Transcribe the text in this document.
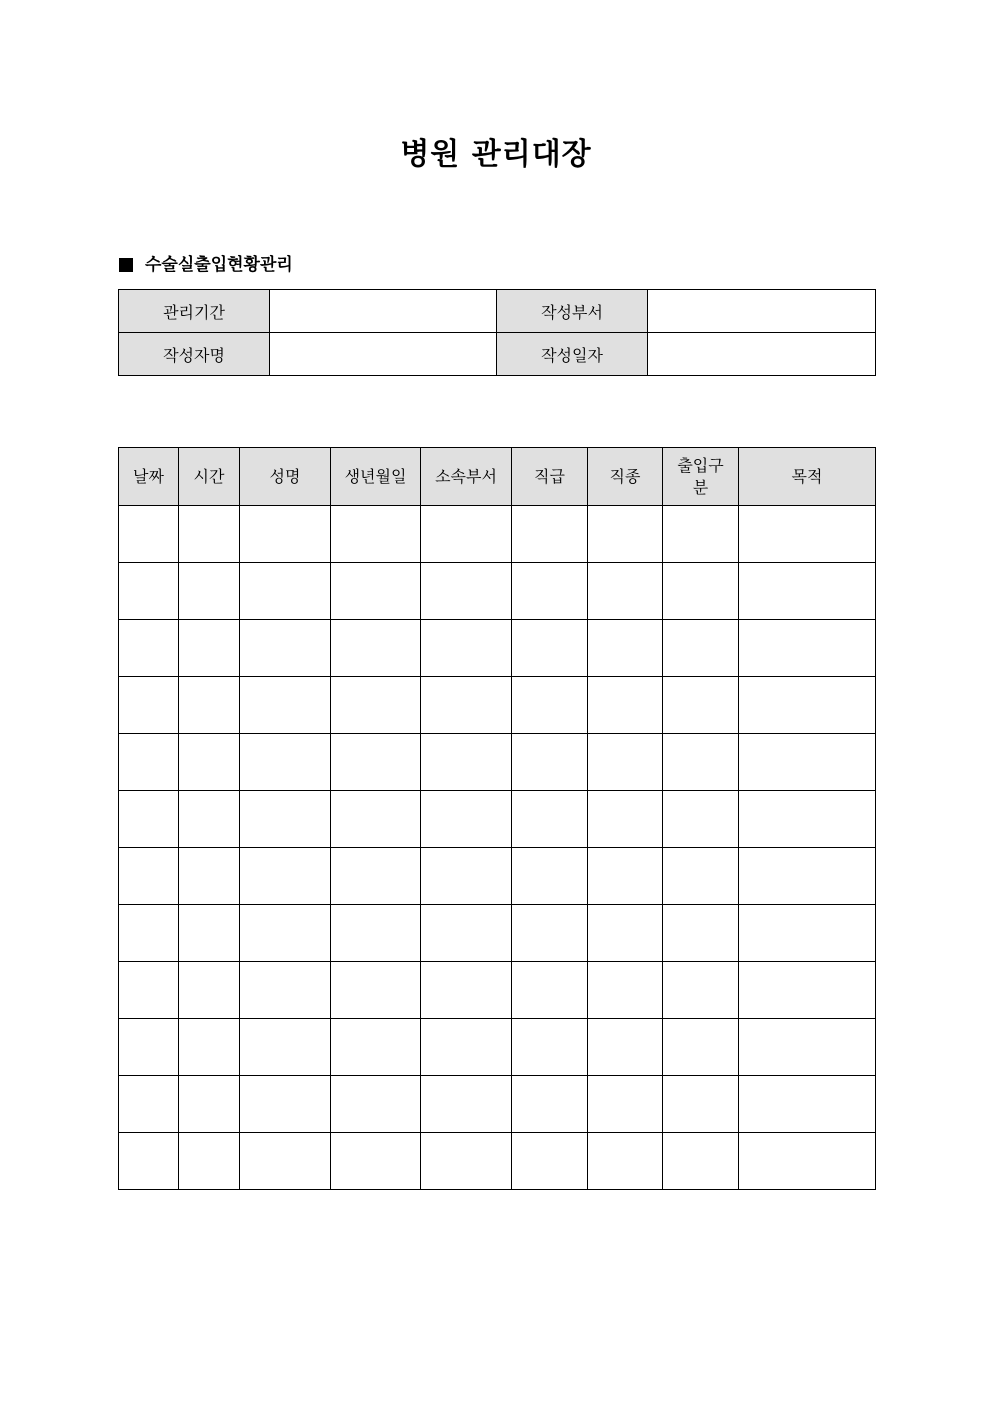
병원 관리대장
수술실출입현황관리
관리기간		작성부서	
작성자명		작성일자	
날짜	시간	성명	생년월일	소속부서	직급	직종	출입구분	목적
